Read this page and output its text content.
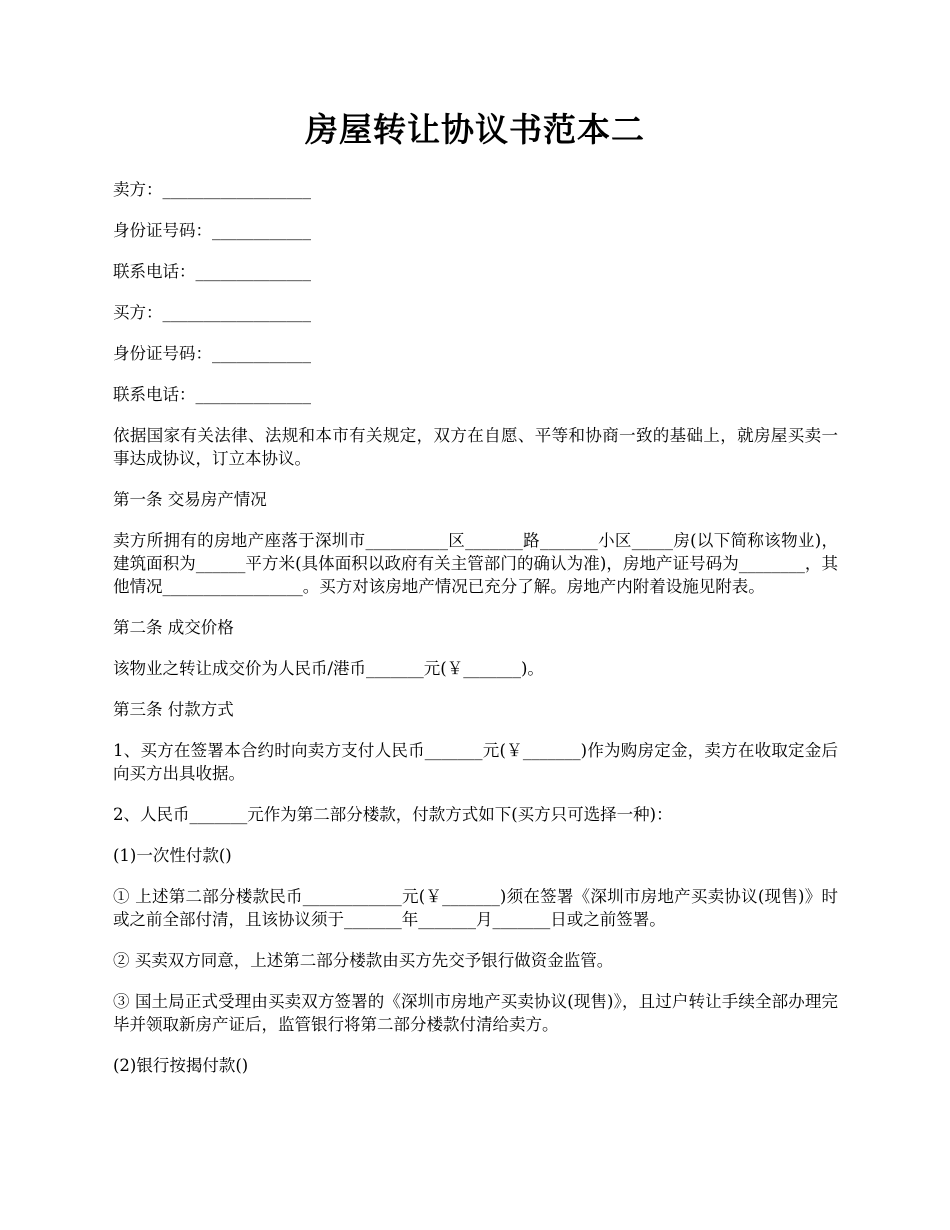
房屋转让协议书范本二

卖方：__________________

身份证号码：____________

联系电话：______________

买方：__________________

身份证号码：____________

联系电话：______________

依据国家有关法律、法规和本市有关规定，双方在自愿、平等和协商一致的基础上，就房屋买卖一事达成协议，订立本协议。

第一条 交易房产情况

卖方所拥有的房地产座落于深圳市__________区_______路_______小区_____房(以下简称该物业)，建筑面积为______平方米(具体面积以政府有关主管部门的确认为准)，房地产证号码为________，其他情况_________________。买方对该房地产情况已充分了解。房地产内附着设施见附表。

第二条 成交价格

该物业之转让成交价为人民币/港币_______元(￥_______)。

第三条 付款方式

1、买方在签署本合约时向卖方支付人民币_______元(￥_______)作为购房定金，卖方在收取定金后向买方出具收据。

2、人民币_______元作为第二部分楼款，付款方式如下(买方只可选择一种)：

(1)一次性付款()

① 上述第二部分楼款民币____________元(￥_______)须在签署《深圳市房地产买卖协议(现售)》时或之前全部付清，且该协议须于_______年_______月_______日或之前签署。

② 买卖双方同意，上述第二部分楼款由买方先交予银行做资金监管。

③ 国土局正式受理由买卖双方签署的《深圳市房地产买卖协议(现售)》，且过户转让手续全部办理完毕并领取新房产证后，监管银行将第二部分楼款付清给卖方。

(2)银行按揭付款()
